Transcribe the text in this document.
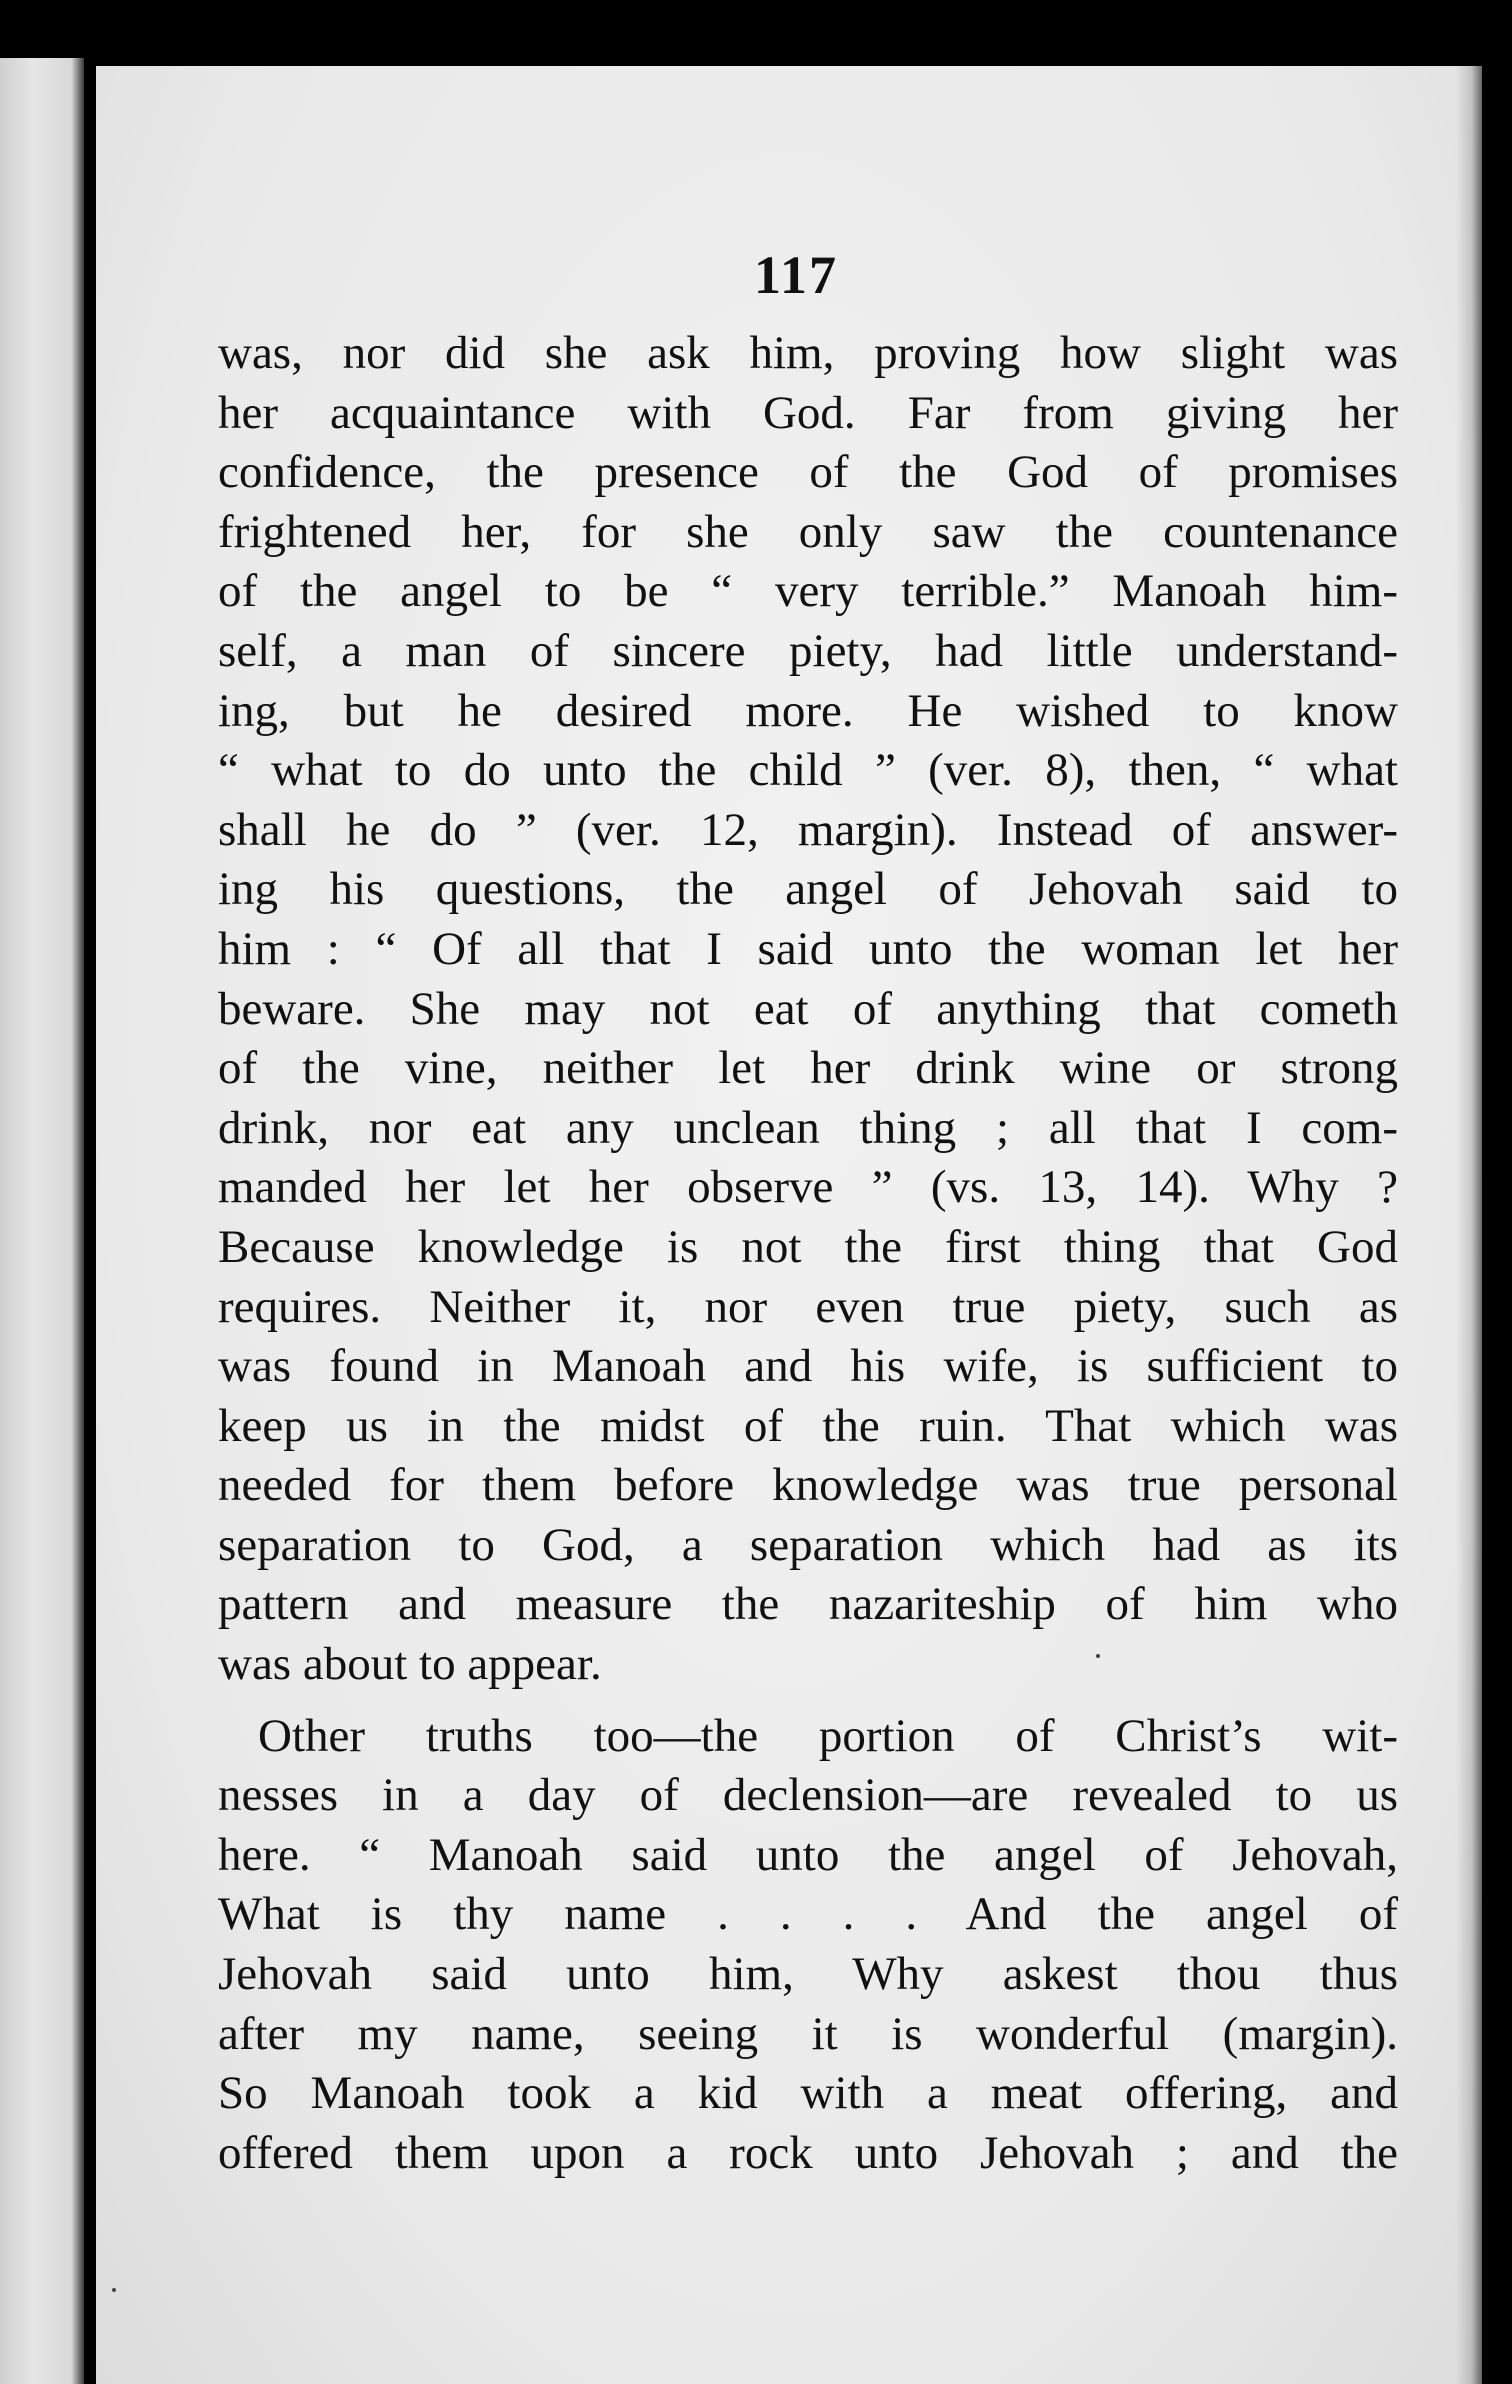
117
was, nor did she ask him, proving how slight was
her acquaintance with God. Far from giving her
confidence, the presence of the God of promises
frightened her, for she only saw the countenance
of the angel to be “ very terrible.” Manoah him-
self, a man of sincere piety, had little understand-
ing, but he desired more. He wished to know
“ what to do unto the child ” (ver. 8), then, “ what
shall he do ” (ver. 12, margin). Instead of answer-
ing his questions, the angel of Jehovah said to
him : “ Of all that I said unto the woman let her
beware. She may not eat of anything that cometh
of the vine, neither let her drink wine or strong
drink, nor eat any unclean thing ; all that I com-
manded her let her observe ” (vs. 13, 14). Why ?
Because knowledge is not the first thing that God
requires. Neither it, nor even true piety, such as
was found in Manoah and his wife, is sufficient to
keep us in the midst of the ruin. That which was
needed for them before knowledge was true personal
separation to God, a separation which had as its
pattern and measure the nazariteship of him who
was about to appear.
Other truths too—the portion of Christ’s wit-
nesses in a day of declension—are revealed to us
here. “ Manoah said unto the angel of Jehovah,
What is thy name . . . . And the angel of
Jehovah said unto him, Why askest thou thus
after my name, seeing it is wonderful (margin).
So Manoah took a kid with a meat offering, and
offered them upon a rock unto Jehovah ; and the
